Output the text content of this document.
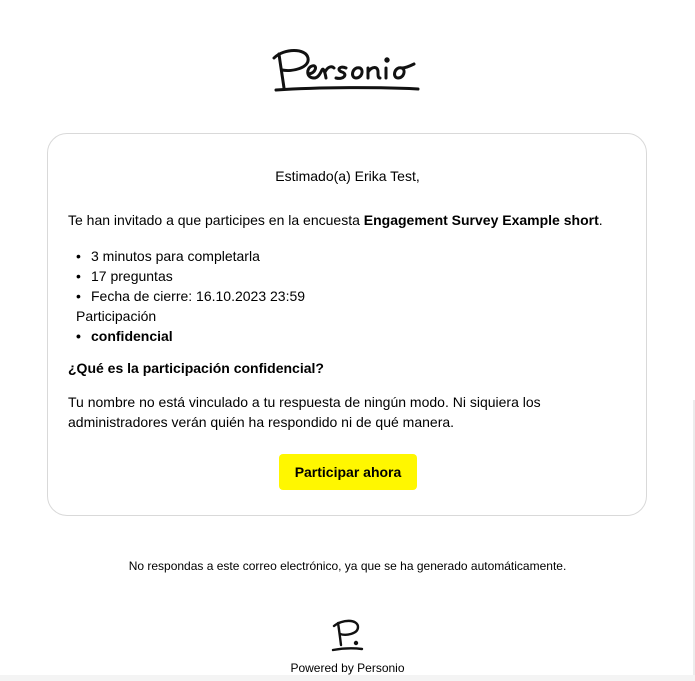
Estimado(a) Erika Test,
Te han invitado a que participes en la encuesta Engagement Survey Example short.
• 3 minutos para completarla
• 17 preguntas
• Fecha de cierre: 16.10.2023 23:59
Participación
• confidencial
¿Qué es la participación confidencial?
Tu nombre no está vinculado a tu respuesta de ningún modo. Ni siquiera los administradores verán quién ha respondido ni de qué manera.
Participar ahora
No respondas a este correo electrónico, ya que se ha generado automáticamente.
Powered by Personio
